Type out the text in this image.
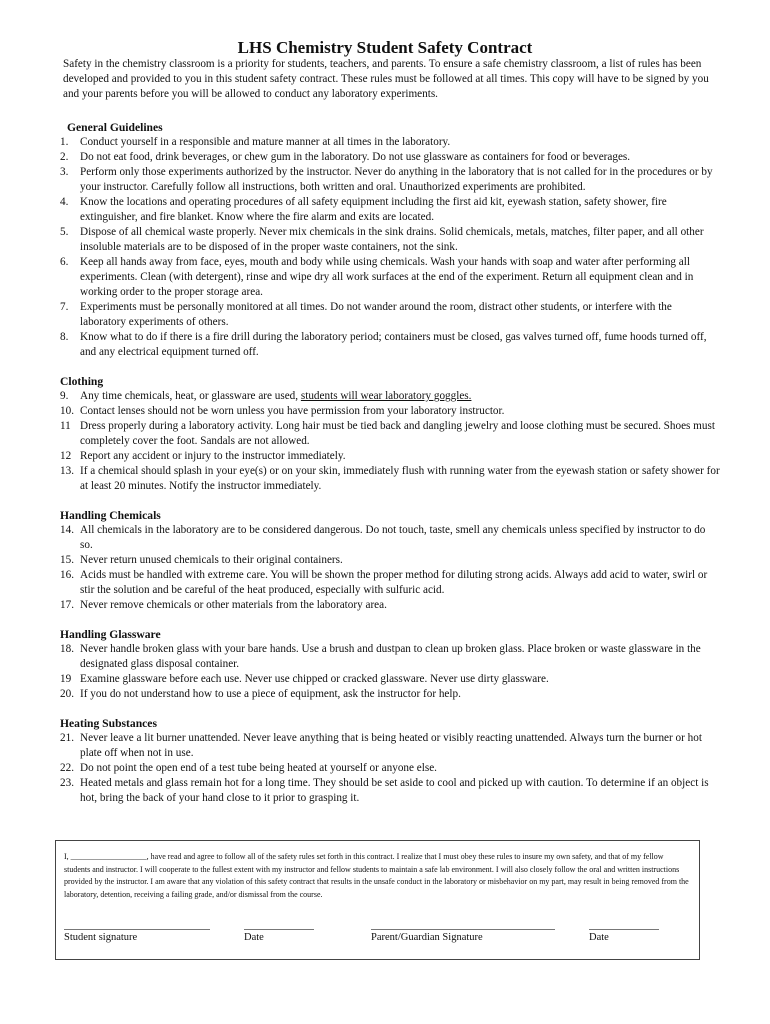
LHS Chemistry Student Safety Contract

Safety in the chemistry classroom is a priority for students, teachers, and parents. To ensure a safe chemistry classroom, a list of rules has been developed and provided to you in this student safety contract. These rules must be followed at all times. This copy will have to be signed by you and your parents before you will be allowed to conduct any laboratory experiments.

General Guidelines
1.	Conduct yourself in a responsible and mature manner at all times in the laboratory.
2.	Do not eat food, drink beverages, or chew gum in the laboratory. Do not use glassware as containers for food or beverages.
3.	Perform only those experiments authorized by the instructor. Never do anything in the laboratory that is not called for in the procedures or by your instructor. Carefully follow all instructions, both written and oral. Unauthorized experiments are prohibited.
4.	Know the locations and operating procedures of all safety equipment including the first aid kit, eyewash station, safety shower, fire extinguisher, and fire blanket. Know where the fire alarm and exits are located.
5.	Dispose of all chemical waste properly. Never mix chemicals in the sink drains. Solid chemicals, metals, matches, filter paper, and all other insoluble materials are to be disposed of in the proper waste containers, not the sink.
6.	Keep all hands away from face, eyes, mouth and body while using chemicals. Wash your hands with soap and water after performing all experiments. Clean (with detergent), rinse and wipe dry all work surfaces at the end of the experiment. Return all equipment clean and in working order to the proper storage area.
7.	Experiments must be personally monitored at all times. Do not wander around the room, distract other students, or interfere with the laboratory experiments of others.
8.	Know what to do if there is a fire drill during the laboratory period; containers must be closed, gas valves turned off, fume hoods turned off, and any electrical equipment turned off.
Clothing
9.	Any time chemicals, heat, or glassware are used, students will wear laboratory goggles.
10. Contact lenses should not be worn unless you have permission from your laboratory instructor.
11 Dress properly during a laboratory activity. Long hair must be tied back and dangling jewelry and loose clothing must be secured. Shoes must completely cover the foot. Sandals are not allowed.
12 Report any accident or injury to the instructor immediately.
13. If a chemical should splash in your eye(s) or on your skin, immediately flush with running water from the eyewash station or safety shower for at least 20 minutes. Notify the instructor immediately.
Handling Chemicals
14. All chemicals in the laboratory are to be considered dangerous. Do not touch, taste, smell any chemicals unless specified by instructor to do so.
15. Never return unused chemicals to their original containers.
16. Acids must be handled with extreme care. You will be shown the proper method for diluting strong acids. Always add acid to water, swirl or stir the solution and be careful of the heat produced, especially with sulfuric acid.
17. Never remove chemicals or other materials from the laboratory area.
Handling Glassware
18. Never handle broken glass with your bare hands. Use a brush and dustpan to clean up broken glass. Place broken or waste glassware in the designated glass disposal container.
19 Examine glassware before each use. Never use chipped or cracked glassware. Never use dirty glassware.
20. If you do not understand how to use a piece of equipment, ask the instructor for help.
Heating Substances
21. Never leave a lit burner unattended. Never leave anything that is being heated or visibly reacting unattended. Always turn the burner or hot plate off when not in use.
22. Do not point the open end of a test tube being heated at yourself or anyone else.
23. Heated metals and glass remain hot for a long time. They should be set aside to cool and picked up with caution. To determine if an object is hot, bring the back of your hand close to it prior to grasping it.

I, ___________________, have read and agree to follow all of the safety rules set forth in this contract. I realize that I must obey these rules to insure my own safety, and that of my fellow students and instructor. I will cooperate to the fullest extent with my instructor and fellow students to maintain a safe lab environment. I will also closely follow the oral and written instructions provided by the instructor. I am aware that any violation of this safety contract that results in the unsafe conduct in the laboratory or misbehavior on my part, may result in being removed from the laboratory, detention, receiving a failing grade, and/or dismissal from the course.

Student signature	Date	Parent/Guardian Signature	Date
